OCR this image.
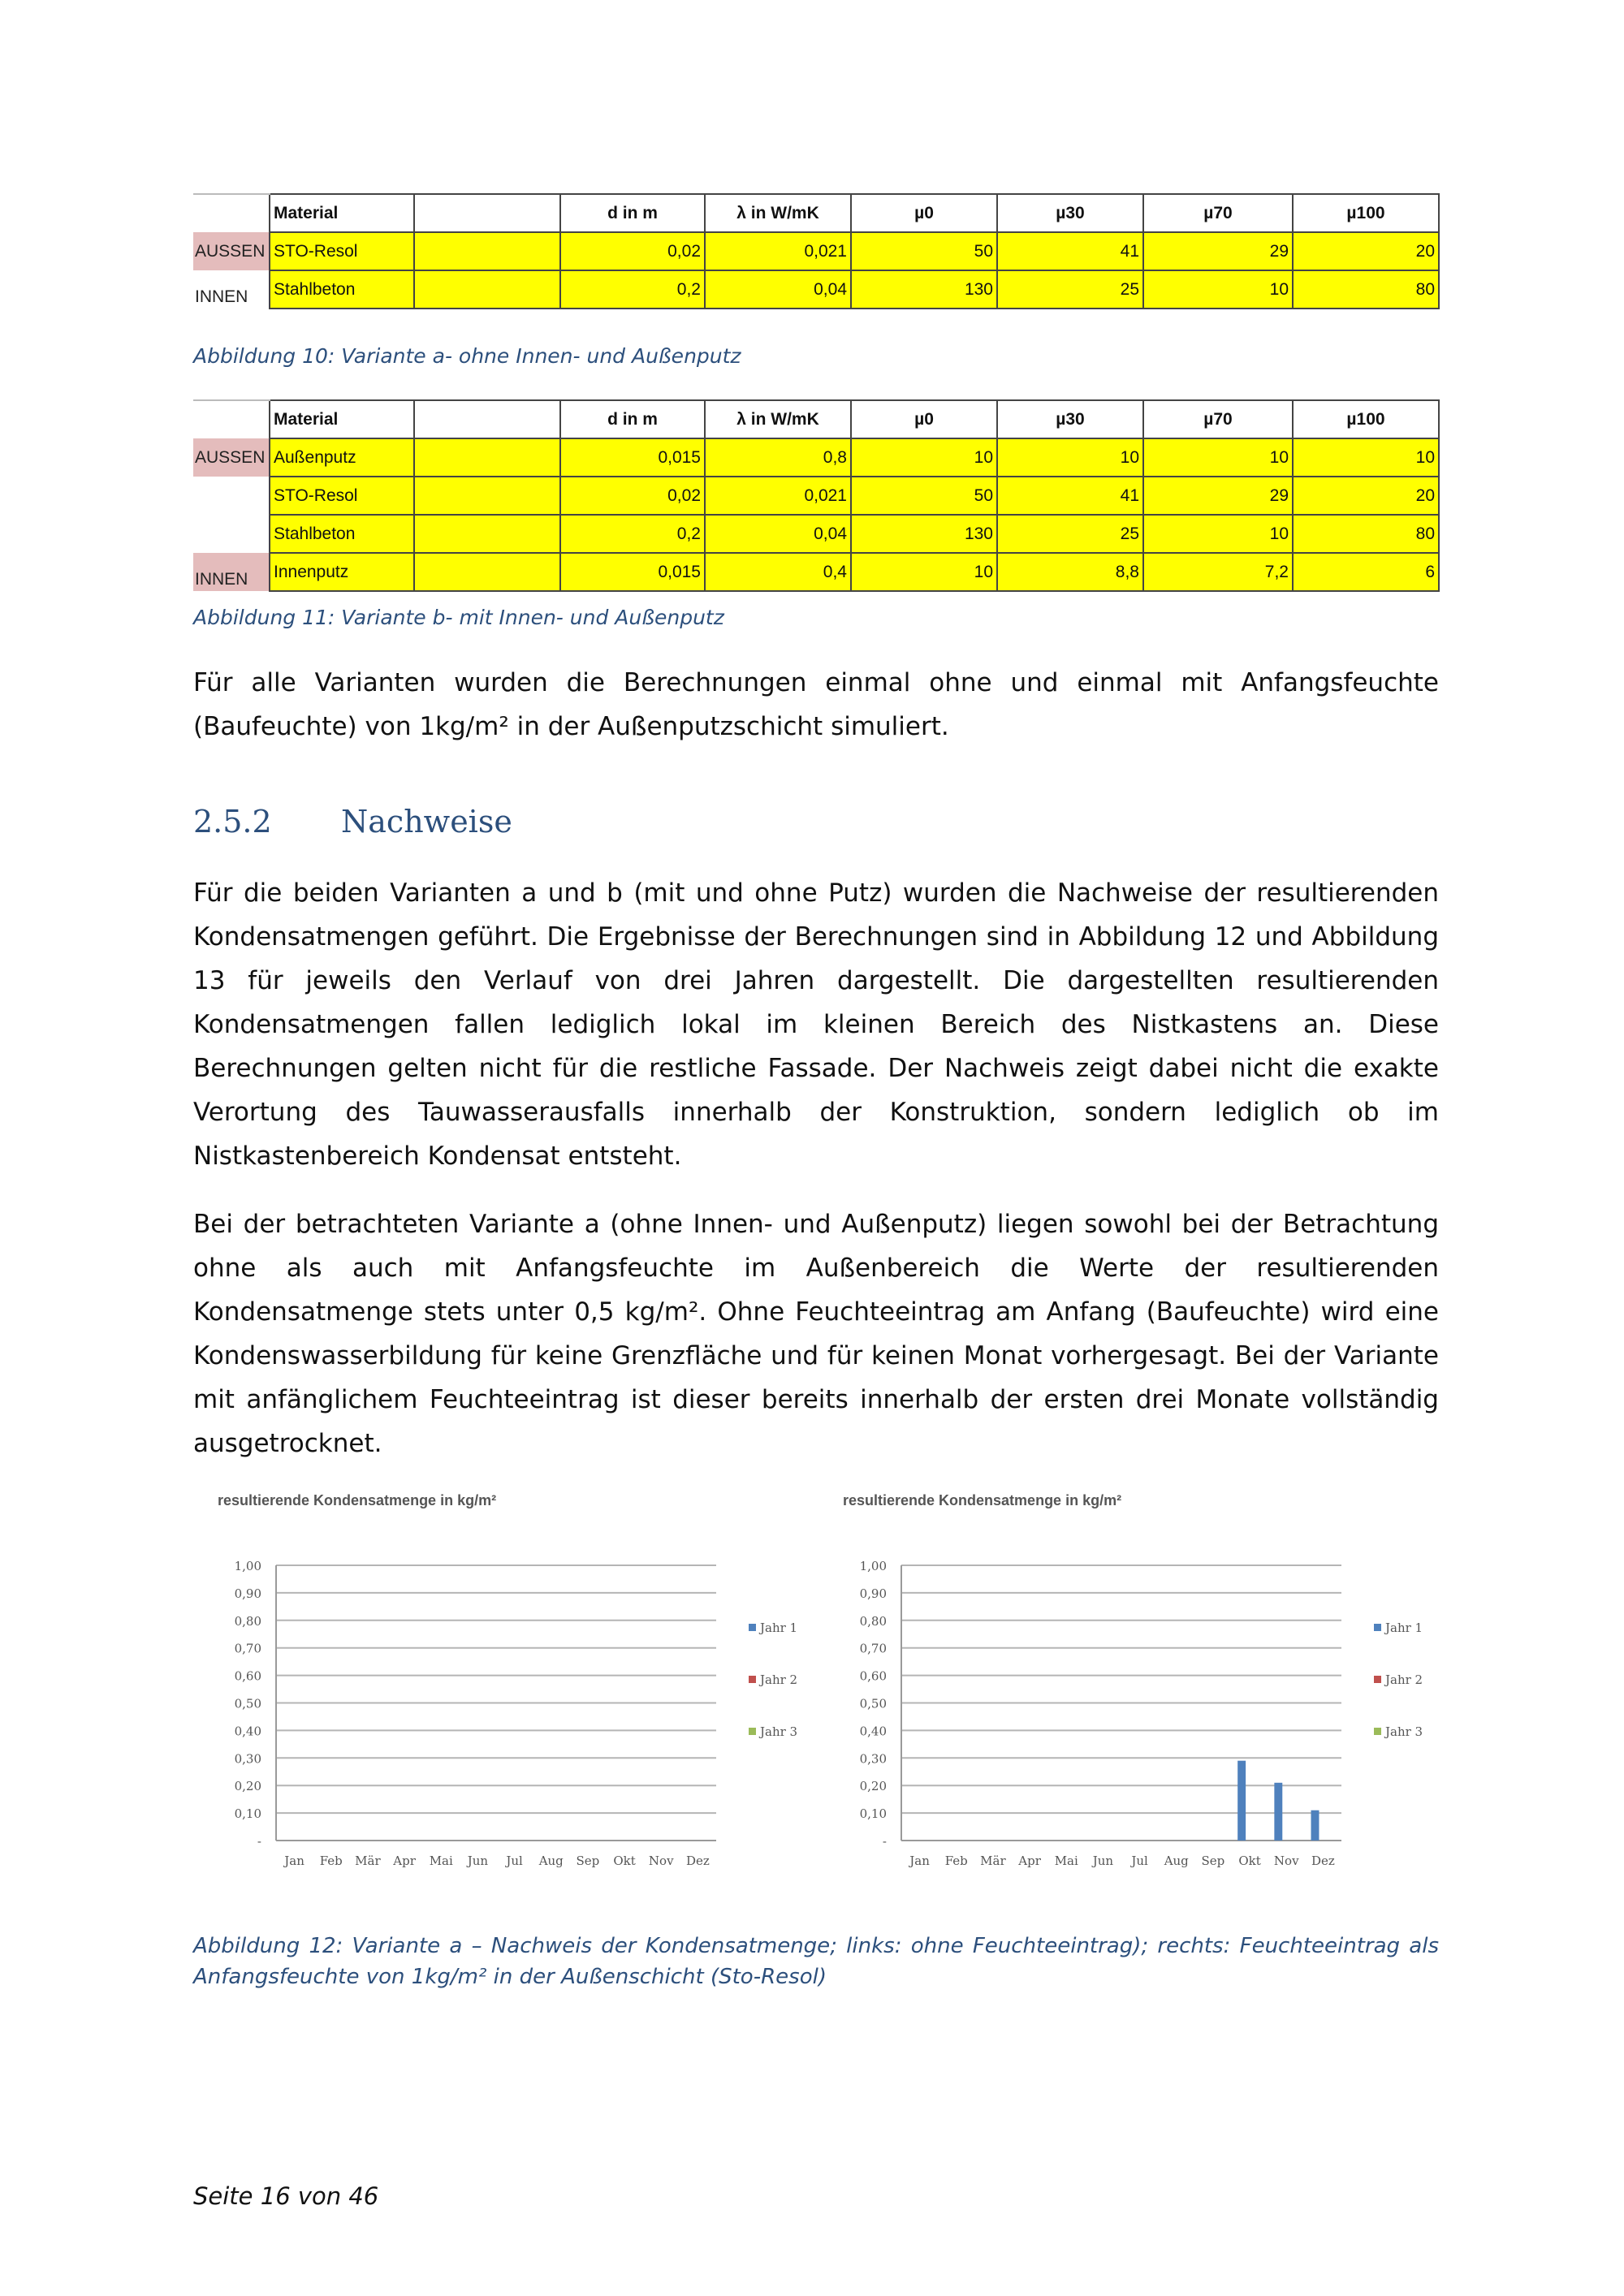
	Material		d in m	λ in W/mK	µ0	µ30	µ70	µ100
AUSSEN	STO-Resol		0,02	0,021	50	41	29	20
INNEN	Stahlbeton		0,2	0,04	130	25	10	80
Abbildung 10: Variante a- ohne Innen- und Außenputz
	Material		d in m	λ in W/mK	µ0	µ30	µ70	µ100
AUSSEN	Außenputz		0,015	0,8	10	10	10	10
	STO-Resol		0,02	0,021	50	41	29	20
	Stahlbeton		0,2	0,04	130	25	10	80
INNEN	Innenputz		0,015	0,4	10	8,8	7,2	6
Abbildung 11: Variante b- mit Innen- und Außenputz

Für alle Varianten wurden die Berechnungen einmal ohne und einmal mit Anfangsfeuchte (Baufeuchte) von 1kg/m² in der Außenputzschicht simuliert.

2.5.2 Nachweise

Für die beiden Varianten a und b (mit und ohne Putz) wurden die Nachweise der resultierenden Kondensatmengen geführt. Die Ergebnisse der Berechnungen sind in Abbildung 12 und Abbildung 13 für jeweils den Verlauf von drei Jahren dargestellt. Die dargestellten resultierenden Kondensatmengen fallen lediglich lokal im kleinen Bereich des Nistkastens an. Diese Berechnungen gelten nicht für die restliche Fassade. Der Nachweis zeigt dabei nicht die exakte Verortung des Tauwasserausfalls innerhalb der Konstruktion, sondern lediglich ob im Nistkastenbereich Kondensat entsteht.

Bei der betrachteten Variante a (ohne Innen- und Außenputz) liegen sowohl bei der Betrachtung ohne als auch mit Anfangsfeuchte im Außenbereich die Werte der resultierenden Kondensatmenge stets unter 0,5 kg/m². Ohne Feuchteeintrag am Anfang (Baufeuchte) wird eine Kondenswasserbildung für keine Grenzfläche und für keinen Monat vorhergesagt. Bei der Variante mit anfänglichem Feuchteeintrag ist dieser bereits innerhalb der ersten drei Monate vollständig ausgetrocknet.

resultierende Kondensatmenge in kg/m²
1,00
0,90
0,80
0,70
0,60
0,50
0,40
0,30
0,20
0,10
-
Jan Feb Mär Apr Mai Jun Jul Aug Sep Okt Nov Dez
Jahr 1
Jahr 2
Jahr 3
resultierende Kondensatmenge in kg/m²
1,00
0,90
0,80
0,70
0,60
0,50
0,40
0,30
0,20
0,10
-
Jan Feb Mär Apr Mai Jun Jul Aug Sep Okt Nov Dez
Jahr 1
Jahr 2
Jahr 3
Abbildung 12: Variante a – Nachweis der Kondensatmenge; links: ohne Feuchteeintrag); rechts: Feuchteeintrag als Anfangsfeuchte von 1kg/m² in der Außenschicht (Sto-Resol)
Seite 16 von 46
